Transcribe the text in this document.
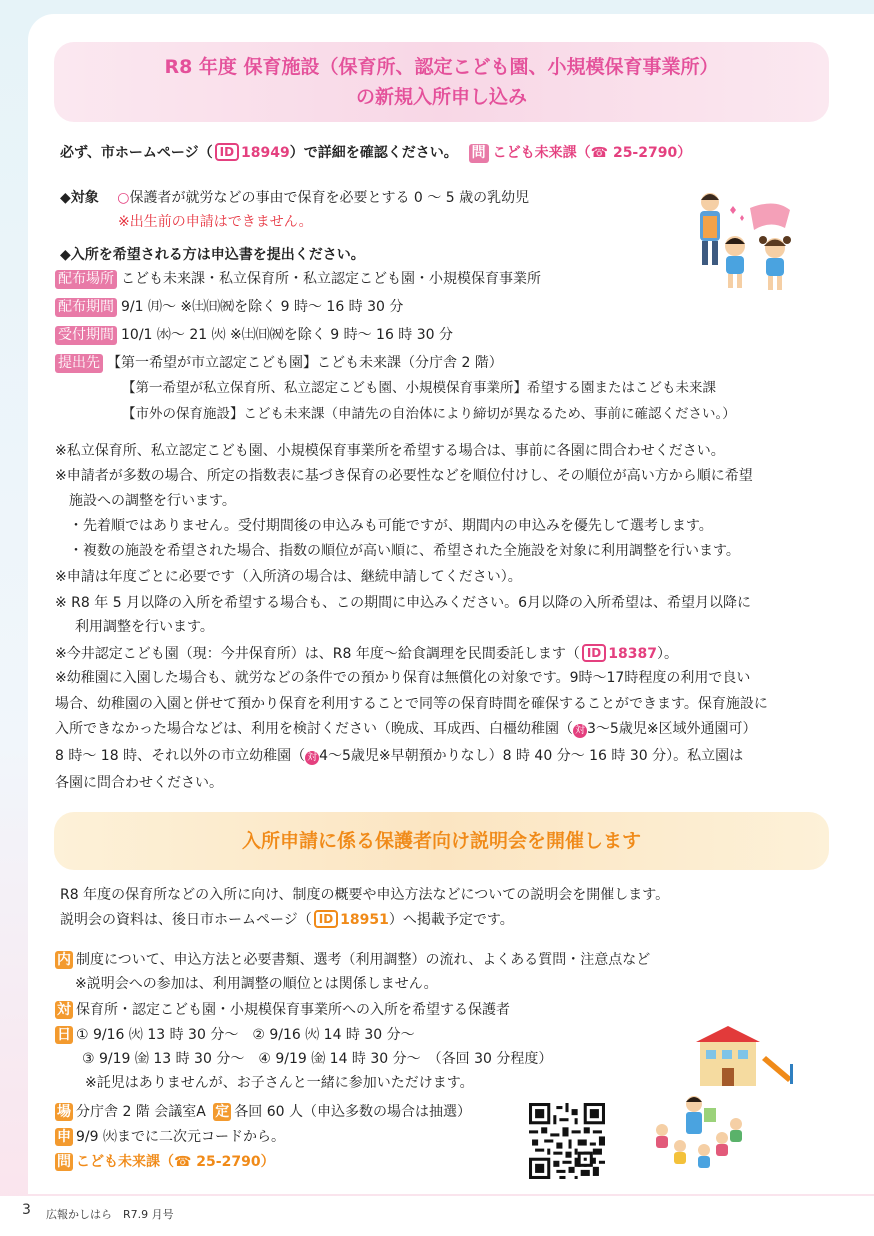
R8 年度 保育施設（保育所、認定こども園、小規模保育事業所）
の新規入所申し込み
必ず、市ホームページ（ ID 18949）で詳細を確認ください。 問 こども未来課（☎ 25-2790）
◆対象 ○保護者が就労などの事由で保育を必要とする 0 〜 5 歳の乳幼児
※出生前の申請はできません。
◆入所を希望される方は申込書を提出ください。
配布場所 こども未来課・私立保育所・私立認定こども園・小規模保育事業所
配布期間 9/1 ㈪〜 ※㈯㈰㈷を除く 9 時〜 16 時 30 分
受付期間 10/1 ㈬〜 21 ㈫ ※㈯㈰㈷を除く 9 時〜 16 時 30 分
提出先 【第一希望が市立認定こども園】こども未来課（分庁舎 2 階）
【第一希望が私立保育所、私立認定こども園、小規模保育事業所】希望する園またはこども未来課
【市外の保育施設】こども未来課（申請先の自治体により締切が異なるため、事前に確認ください。）
※私立保育所、私立認定こども園、小規模保育事業所を希望する場合は、事前に各園に問合わせください。
※申請者が多数の場合、所定の指数表に基づき保育の必要性などを順位付けし、その順位が高い方から順に希望
施設への調整を行います。
・先着順ではありません。受付期間後の申込みも可能ですが、期間内の申込みを優先して選考します。
・複数の施設を希望された場合、指数の順位が高い順に、希望された全施設を対象に利用調整を行います。
※申請は年度ごとに必要です（入所済の場合は、継続申請してください）。
※ R8 年 5 月以降の入所を希望する場合も、この期間に申込みください。6月以降の入所希望は、希望月以降に
利用調整を行います。
※今井認定こども園（現：今井保育所）は、R8 年度〜給食調理を民間委託します（ ID 18387）。
※幼稚園に入園した場合も、就労などの条件での預かり保育は無償化の対象です。9時〜17時程度の利用で良い
場合、幼稚園の入園と併せて預かり保育を利用することで同等の保育時間を確保することができます。保育施設に
入所できなかった場合などは、利用を検討ください（晩成、耳成西、白橿幼稚園（ 対 3〜5歳児※区域外通園可）
8 時〜 18 時、それ以外の市立幼稚園（ 対 4〜5歳児※早朝預かりなし）8 時 40 分〜 16 時 30 分）。私立園は
各園に問合わせください。
入所申請に係る保護者向け説明会を開催します
R8 年度の保育所などの入所に向け、制度の概要や申込方法などについての説明会を開催します。
説明会の資料は、後日市ホームページ（ ID 18951）へ掲載予定です。
内 制度について、申込方法と必要書類、選考（利用調整）の流れ、よくある質問・注意点など
※説明会への参加は、利用調整の順位とは関係しません。
対 保育所・認定こども園・小規模保育事業所への入所を希望する保護者
日 ① 9/16 ㈫ 13 時 30 分〜　② 9/16 ㈫ 14 時 30 分〜
③ 9/19 ㈮ 13 時 30 分〜　④ 9/19 ㈮ 14 時 30 分〜　（各回 30 分程度）
※託児はありませんが、お子さんと一緒に参加いただけます。
場 分庁舎 2 階 会議室A 定 各回 60 人（申込多数の場合は抽選）
申 9/9 ㈫までに二次元コードから。
問 こども未来課（☎ 25-2790）
3 広報かしはら　R7.9 月号
